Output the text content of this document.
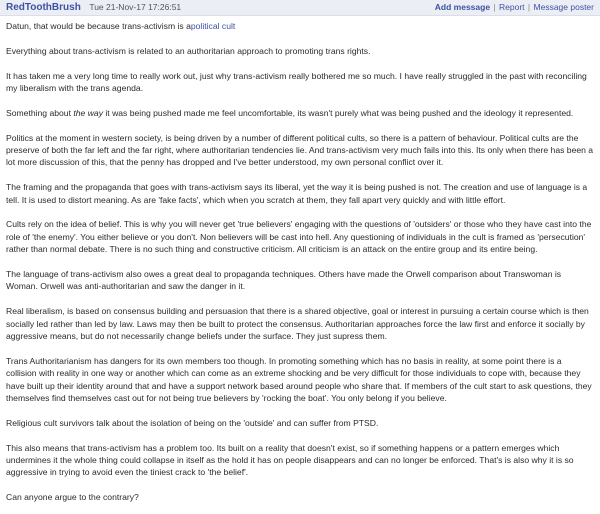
RedToothBrush Tue 21-Nov-17 17:26:51	Add message | Report | Message poster

Datun, that would be because trans-activism is apolitical cult

Everything about trans-activism is related to an authoritarian approach to promoting trans rights.

It has taken me a very long time to really work out, just why trans-activism really bothered me so much. I have really struggled in the past with reconciling my liberalism with the trans agenda.

Something about the way it was being pushed made me feel uncomfortable, its wasn't purely what was being pushed and the ideology it represented.

Politics at the moment in western society, is being driven by a number of different political cults, so there is a pattern of behaviour. Political cults are the preserve of both the far left and the far right, where authoritarian tendencies lie. And trans-activism very much fails into this. Its only when there has been a lot more discussion of this, that the penny has dropped and I've better understood, my own personal conflict over it.

The framing and the propaganda that goes with trans-activism says its liberal, yet the way it is being pushed is not. The creation and use of language is a tell. It is used to distort meaning. As are 'fake facts', which when you scratch at them, they fall apart very quickly and with little effort.

Cults rely on the idea of belief. This is why you will never get 'true believers' engaging with the questions of 'outsiders' or those who they have cast into the role of 'the enemy'. You either believe or you don't. Non believers will be cast into hell. Any questioning of individuals in the cult is framed as 'persecution' rather than normal debate. There is no such thing and constructive criticism. All criticism is an attack on the entire group and its entire being.

The language of trans-activism also owes a great deal to propaganda techniques. Others have made the Orwell comparison about Transwoman is Woman. Orwell was anti-authoritarian and saw the danger in it.

Real liberalism, is based on consensus building and persuasion that there is a shared objective, goal or interest in pursuing a certain course which is then socially led rather than led by law. Laws may then be built to protect the consensus. Authoritarian approaches force the law first and enforce it socially by aggressive means, but do not necessarily change beliefs under the surface. They just supress them.

Trans Authoritarianism has dangers for its own members too though. In promoting something which has no basis in reality, at some point there is a collision with reality in one way or another which can come as an extreme shocking and be very difficult for those individuals to cope with, because they have built up their identity around that and have a support network based around people who share that. If members of the cult start to ask questions, they themselves find themselves cast out for not being true believers by 'rocking the boat'. You only belong if you believe.

Religious cult survivors talk about the isolation of being on the 'outside' and can suffer from PTSD.

This also means that trans-activism has a problem too. Its built on a reality that doesn't exist, so if something happens or a pattern emerges which undermines it the whole thing could collapse in itself as the hold it has on people disappears and can no longer be enforced. That's is also why it is so aggressive in trying to avoid even the tiniest crack to 'the belief'.

Can anyone argue to the contrary?
